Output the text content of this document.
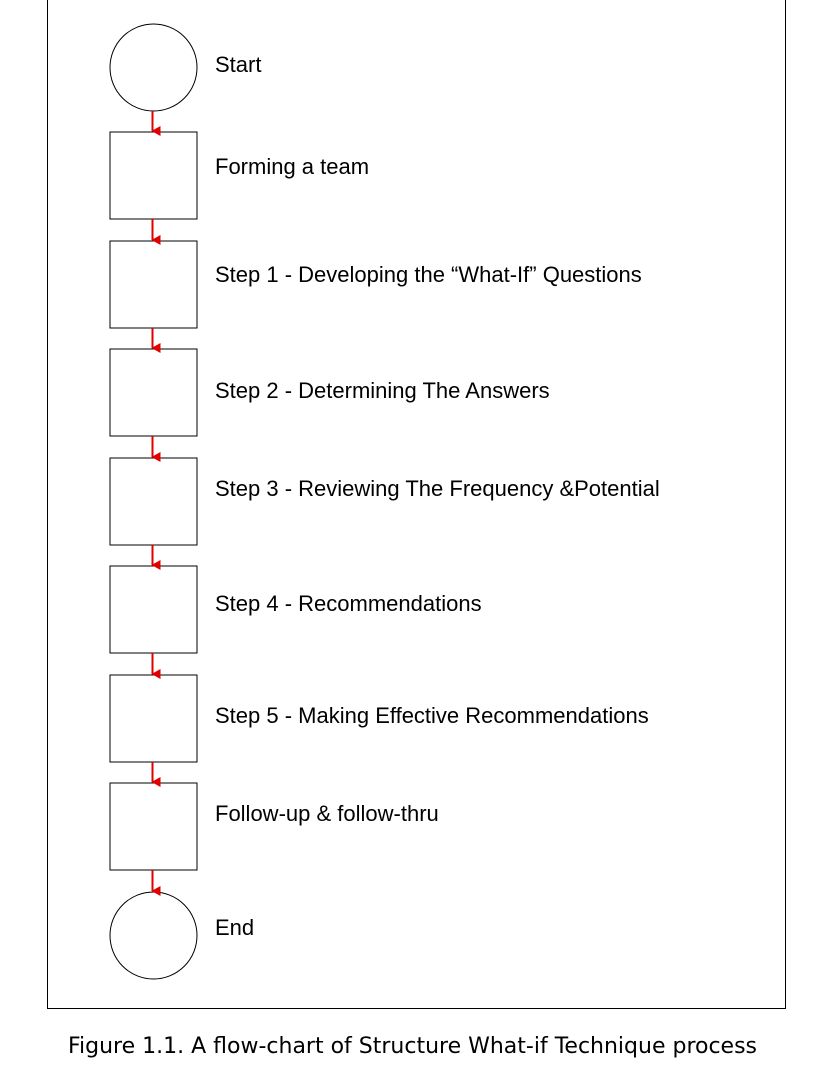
Start
Forming a team
Step 1 - Developing the “What-If” Questions
Step 2 - Determining The Answers
Step 3 - Reviewing The Frequency &Potential
Step 4 - Recommendations
Step 5 - Making Effective Recommendations
Follow-up & follow-thru
End
Figure 1.1. A flow-chart of Structure What-if Technique process
